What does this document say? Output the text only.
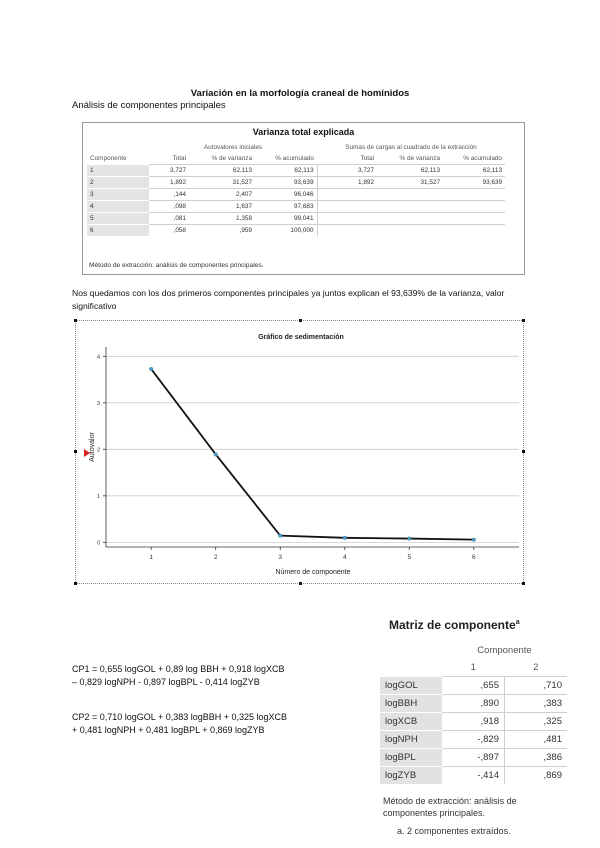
Variación en la morfología craneal de homínidos
Análisis de componentes principales
Varianza total explicada
	Autovalores iniciales			Sumas de cargas al cuadrado de la extracción		
Componente	Total	% de varianza	% acumulado	Total	% de varianza	% acumulado
1	3,727	62,113	62,113	3,727	62,113	62,113
2	1,892	31,527	93,639	1,892	31,527	93,639
3	,144	2,407	96,046			
4	,098	1,637	97,683			
5	,081	1,358	99,041			
6	,058	,959	100,000			
Método de extracción: análisis de componentes principales.
Nos quedamos con los dos primeros componentes principales ya juntos explican el 93,639% de la varianza, valor significativo
Gráfico de sedimentación
0
1
2
3
4
1	2	3	4	5	6
Número de componente
Autovalor
CP1 = 0,655 logGOL + 0,89 log BBH + 0,918 logXCB
– 0,829 logNPH - 0,897 logBPL - 0,414 logZYB
CP2 = 0,710 logGOL + 0,383 logBBH + 0,325 logXCB
+ 0,481 logNPH + 0,481 logBPL + 0,869 logZYB
Matriz de componente$^a$
	Componente	
	1	2
logGOL	,655	,710
logBBH	,890	,383
logXCB	,918	,325
logNPH	-,829	,481
logBPL	-,897	,386
logZYB	-,414	,869
Método de extracción: análisis de componentes principales.
a. 2 componentes extraídos.
